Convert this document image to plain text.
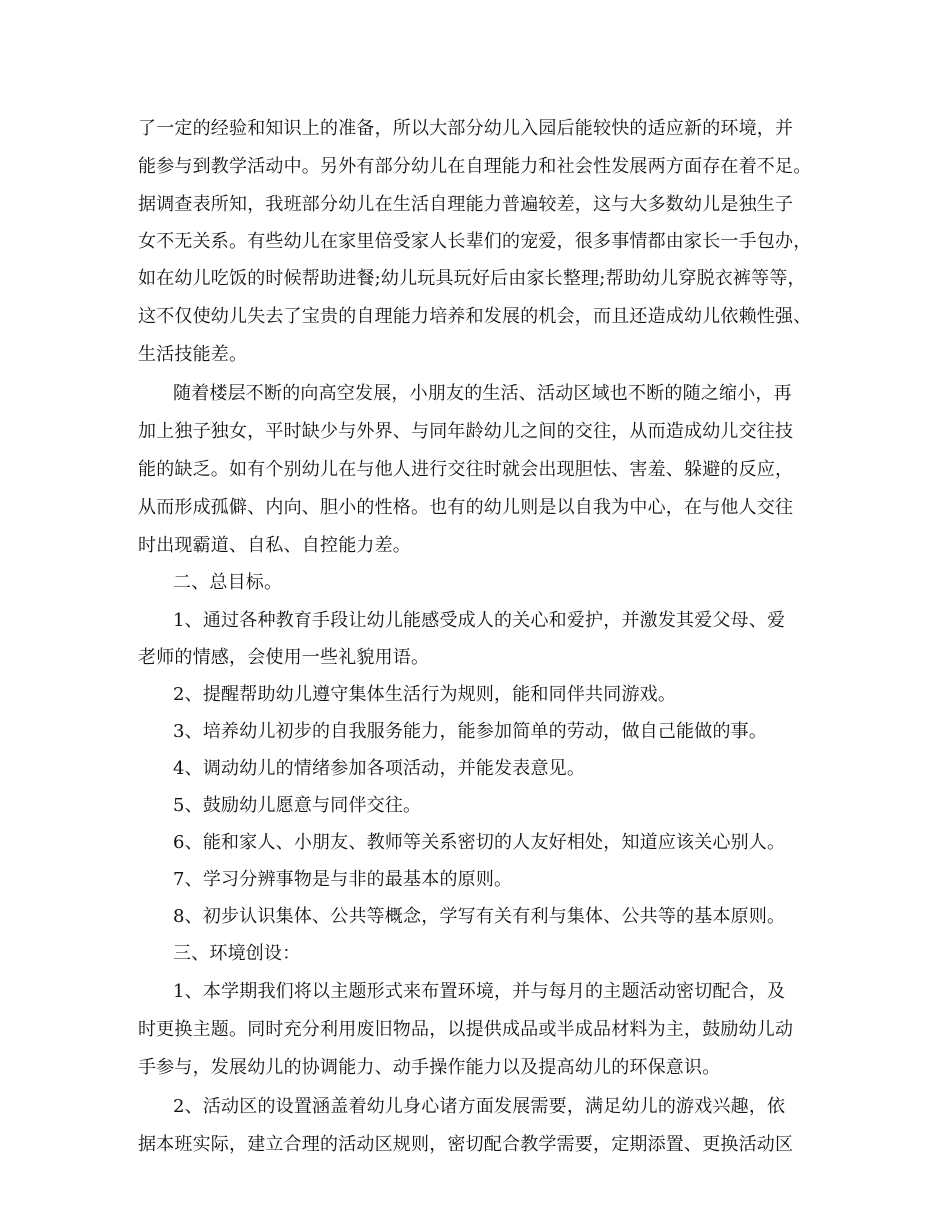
了一定的经验和知识上的准备，所以大部分幼儿入园后能较快的适应新的环境，并
能参与到教学活动中。另外有部分幼儿在自理能力和社会性发展两方面存在着不足。
据调查表所知，我班部分幼儿在生活自理能力普遍较差，这与大多数幼儿是独生子
女不无关系。有些幼儿在家里倍受家人长辈们的宠爱，很多事情都由家长一手包办，
如在幼儿吃饭的时候帮助进餐;幼儿玩具玩好后由家长整理;帮助幼儿穿脱衣裤等等，
这不仅使幼儿失去了宝贵的自理能力培养和发展的机会，而且还造成幼儿依赖性强、
生活技能差。
随着楼层不断的向高空发展，小朋友的生活、活动区域也不断的随之缩小，再
加上独子独女，平时缺少与外界、与同年龄幼儿之间的交往，从而造成幼儿交往技
能的缺乏。如有个别幼儿在与他人进行交往时就会出现胆怯、害羞、躲避的反应，
从而形成孤僻、内向、胆小的性格。也有的幼儿则是以自我为中心，在与他人交往
时出现霸道、自私、自控能力差。
二、总目标。
1、通过各种教育手段让幼儿能感受成人的关心和爱护，并激发其爱父母、爱
老师的情感，会使用一些礼貌用语。
2、提醒帮助幼儿遵守集体生活行为规则，能和同伴共同游戏。
3、培养幼儿初步的自我服务能力，能参加简单的劳动，做自己能做的事。
4、调动幼儿的情绪参加各项活动，并能发表意见。
5、鼓励幼儿愿意与同伴交往。
6、能和家人、小朋友、教师等关系密切的人友好相处，知道应该关心别人。
7、学习分辨事物是与非的最基本的原则。
8、初步认识集体、公共等概念，学写有关有利与集体、公共等的基本原则。
三、环境创设：
1、本学期我们将以主题形式来布置环境，并与每月的主题活动密切配合，及
时更换主题。同时充分利用废旧物品，以提供成品或半成品材料为主，鼓励幼儿动
手参与，发展幼儿的协调能力、动手操作能力以及提高幼儿的环保意识。
2、活动区的设置涵盖着幼儿身心诸方面发展需要，满足幼儿的游戏兴趣，依
据本班实际，建立合理的活动区规则，密切配合教学需要，定期添置、更换活动区
